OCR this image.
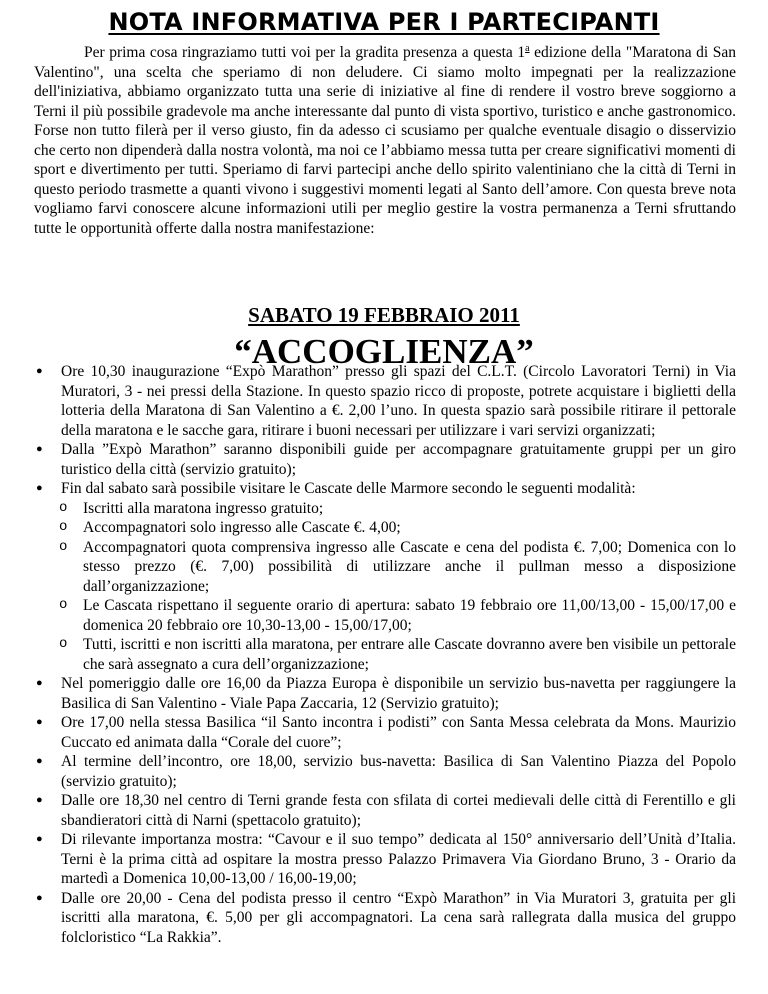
NOTA INFORMATIVA PER I PARTECIPANTI

Per prima cosa ringraziamo tutti voi per la gradita presenza a questa 1$^a$ edizione della "Maratona di San Valentino", una scelta che speriamo di non deludere. Ci siamo molto impegnati per la realizzazione dell'iniziativa, abbiamo organizzato tutta una serie di iniziative al fine di rendere il vostro breve soggiorno a Terni il più possibile gradevole ma anche interessante dal punto di vista sportivo, turistico e anche gastronomico. Forse non tutto filerà per il verso giusto, fin da adesso ci scusiamo per qualche eventuale disagio o disservizio che certo non dipenderà dalla nostra volontà, ma noi ce l’abbiamo messa tutta per creare significativi momenti di sport e divertimento per tutti. Speriamo di farvi partecipi anche dello spirito valentiniano che la città di Terni in questo periodo trasmette a quanti vivono i suggestivi momenti legati al Santo dell’amore. Con questa breve nota vogliamo farvi conoscere alcune informazioni utili per meglio gestire la vostra permanenza a Terni sfruttando tutte le opportunità offerte dalla nostra manifestazione:

SABATO 19 FEBBRAIO 2011
“ACCOGLIENZA”
● Ore 10,30 inaugurazione “Expò Marathon” presso gli spazi del C.L.T. (Circolo Lavoratori Terni) in Via Muratori, 3 - nei pressi della Stazione. In questo spazio ricco di proposte, potrete acquistare i biglietti della lotteria della Maratona di San Valentino a €. 2,00 l’uno. In questa spazio sarà possibile ritirare il pettorale della maratona e le sacche gara, ritirare i buoni necessari per utilizzare i vari servizi organizzati;
● Dalla ”Expò Marathon” saranno disponibili guide per accompagnare gratuitamente gruppi per un giro turistico della città (servizio gratuito);
● Fin dal sabato sarà possibile visitare le Cascate delle Marmore secondo le seguenti modalità:
o Iscritti alla maratona ingresso gratuito;
o Accompagnatori solo ingresso alle Cascate €. 4,00;
o Accompagnatori quota comprensiva ingresso alle Cascate e cena del podista €. 7,00; Domenica con lo stesso prezzo (€. 7,00) possibilità di utilizzare anche il pullman messo a disposizione dall’organizzazione;
o Le Cascata rispettano il seguente orario di apertura: sabato 19 febbraio ore 11,00/13,00 - 15,00/17,00 e domenica 20 febbraio ore 10,30-13,00 - 15,00/17,00;
o Tutti, iscritti e non iscritti alla maratona, per entrare alle Cascate dovranno avere ben visibile un pettorale che sarà assegnato a cura dell’organizzazione;
● Nel pomeriggio dalle ore 16,00 da Piazza Europa è disponibile un servizio bus-navetta per raggiungere la Basilica di San Valentino - Viale Papa Zaccaria, 12 (Servizio gratuito);
● Ore 17,00 nella stessa Basilica “il Santo incontra i podisti” con Santa Messa celebrata da Mons. Maurizio Cuccato ed animata dalla “Corale del cuore”;
● Al termine dell’incontro, ore 18,00, servizio bus-navetta: Basilica di San Valentino Piazza del Popolo (servizio gratuito);
● Dalle ore 18,30 nel centro di Terni grande festa con sfilata di cortei medievali delle città di Ferentillo e gli sbandieratori città di Narni (spettacolo gratuito);
● Di rilevante importanza mostra: “Cavour e il suo tempo” dedicata al 150° anniversario dell’Unità d’Italia. Terni è la prima città ad ospitare la mostra presso Palazzo Primavera Via Giordano Bruno, 3 - Orario da martedì a Domenica 10,00-13,00 / 16,00-19,00;
● Dalle ore 20,00 - Cena del podista presso il centro “Expò Marathon” in Via Muratori 3, gratuita per gli iscritti alla maratona, €. 5,00 per gli accompagnatori. La cena sarà rallegrata dalla musica del gruppo folcloristico “La Rakkia”.
